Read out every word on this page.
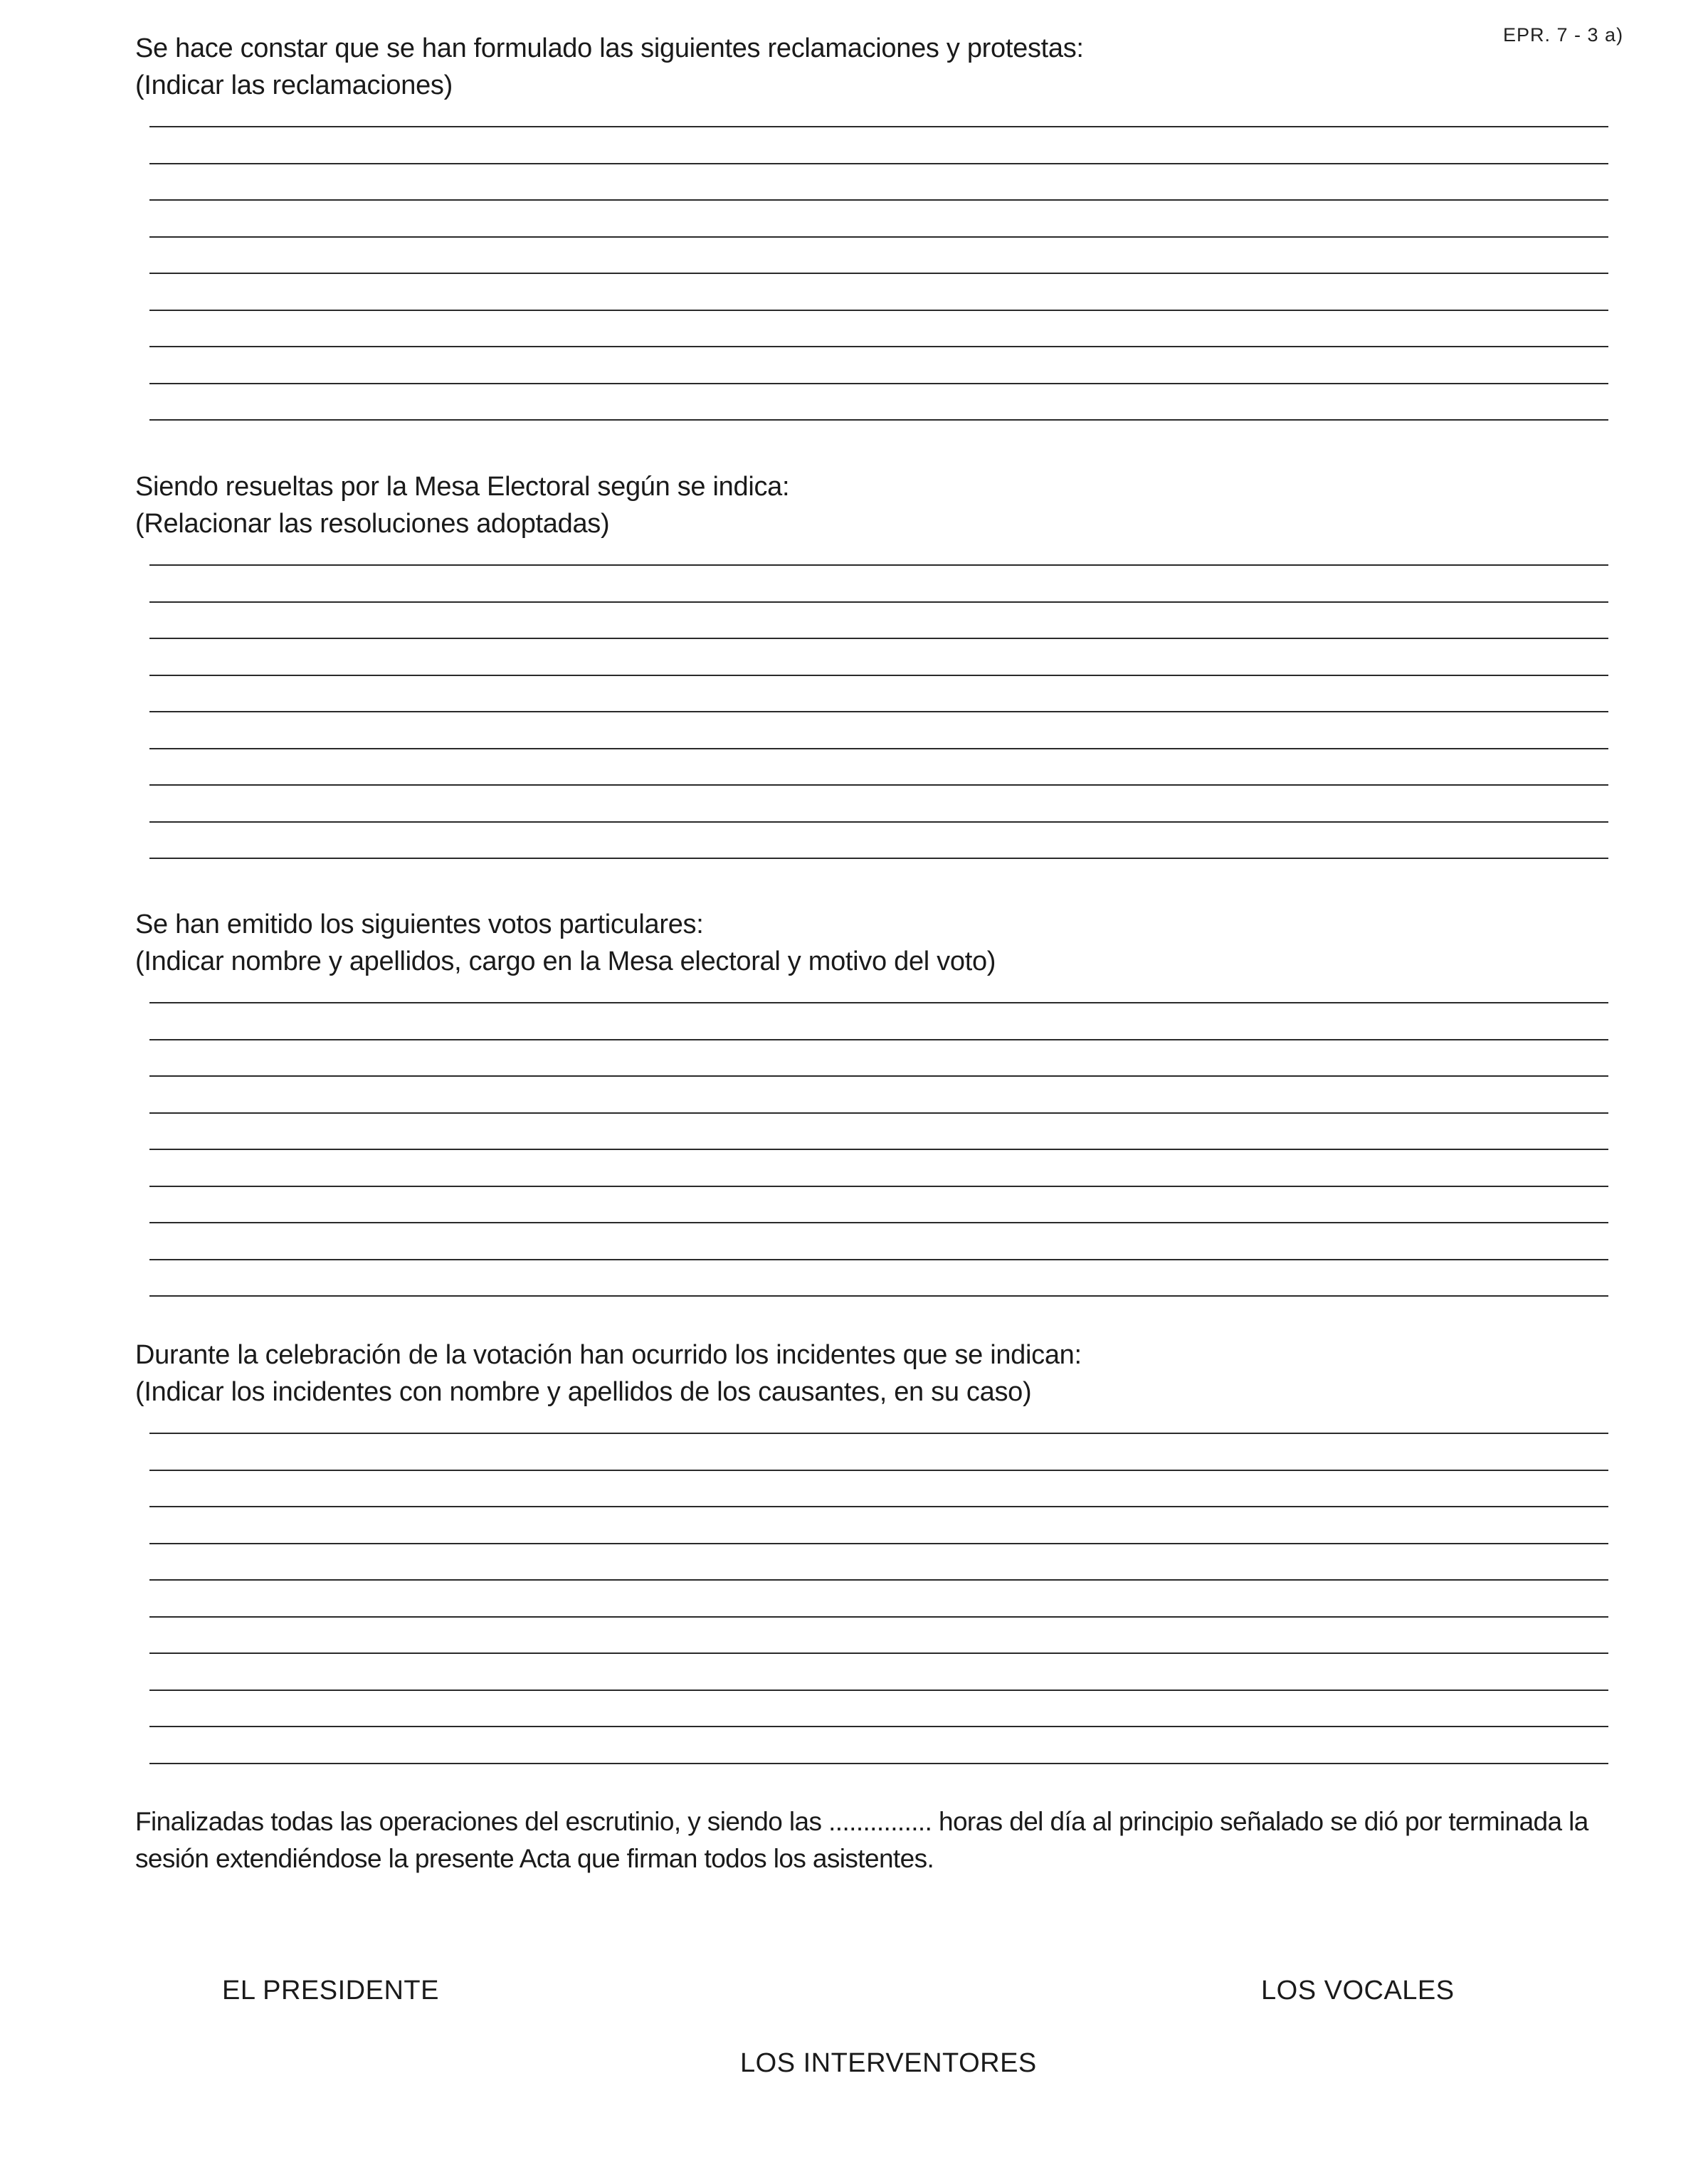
EPR. 7 - 3 a)
Se hace constar que se han formulado las siguientes reclamaciones y protestas:
(Indicar las reclamaciones)
Siendo resueltas por la Mesa Electoral según se indica:
(Relacionar las resoluciones adoptadas)
Se han emitido los siguientes votos particulares:
(Indicar nombre y apellidos, cargo en la Mesa electoral y motivo del voto)
Durante la celebración de la votación han ocurrido los incidentes que se indican:
(Indicar los incidentes con nombre y apellidos de los causantes, en su caso)
Finalizadas todas las operaciones del escrutinio, y siendo las ............... horas del día al principio señalado se dió por terminada la sesión extendiéndose la presente Acta que firman todos los asistentes.
EL PRESIDENTE	LOS VOCALES
LOS INTERVENTORES
